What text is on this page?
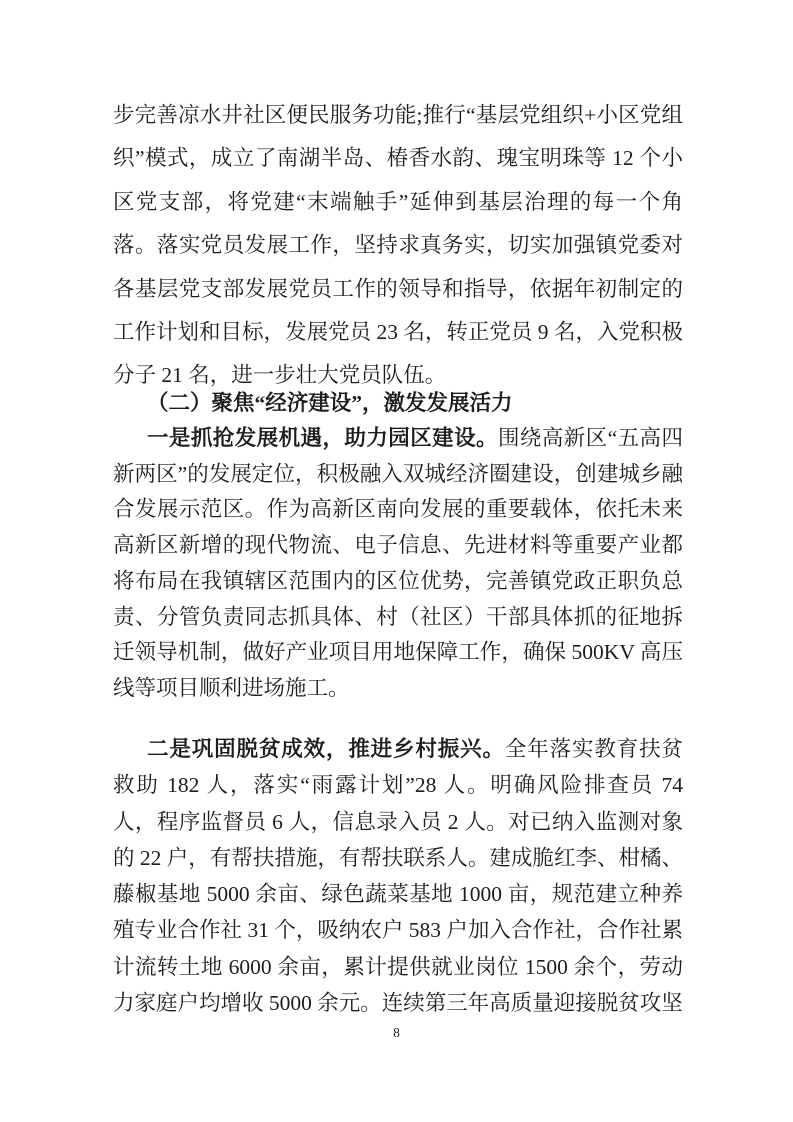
步完善凉水井社区便民服务功能;推行“基层党组织+小区党组织”模式，成立了南湖半岛、椿香水韵、瑰宝明珠等 12 个小区党支部，将党建“末端触手”延伸到基层治理的每一个角落。落实党员发展工作，坚持求真务实，切实加强镇党委对各基层党支部发展党员工作的领导和指导，依据年初制定的工作计划和目标，发展党员 23 名，转正党员 9 名，入党积极分子 21 名，进一步壮大党员队伍。

（二）聚焦“经济建设”，激发发展活力

一是抓抢发展机遇，助力园区建设。围绕高新区“五高四新两区”的发展定位，积极融入双城经济圈建设，创建城乡融合发展示范区。作为高新区南向发展的重要载体，依托未来高新区新增的现代物流、电子信息、先进材料等重要产业都将布局在我镇辖区范围内的区位优势，完善镇党政正职负总责、分管负责同志抓具体、村（社区）干部具体抓的征地拆迁领导机制，做好产业项目用地保障工作，确保 500KV 高压线等项目顺利进场施工。

二是巩固脱贫成效，推进乡村振兴。全年落实教育扶贫救助 182 人，落实“雨露计划”28 人。明确风险排查员 74 人，程序监督员 6 人，信息录入员 2 人。对已纳入监测对象的 22 户，有帮扶措施，有帮扶联系人。建成脆红李、柑橘、藤椒基地 5000 余亩、绿色蔬菜基地 1000 亩，规范建立种养殖专业合作社 31 个，吸纳农户 583 户加入合作社，合作社累计流转土地 6000 余亩，累计提供就业岗位 1500 余个，劳动力家庭户均增收 5000 余元。连续第三年高质量迎接脱贫攻坚

8
